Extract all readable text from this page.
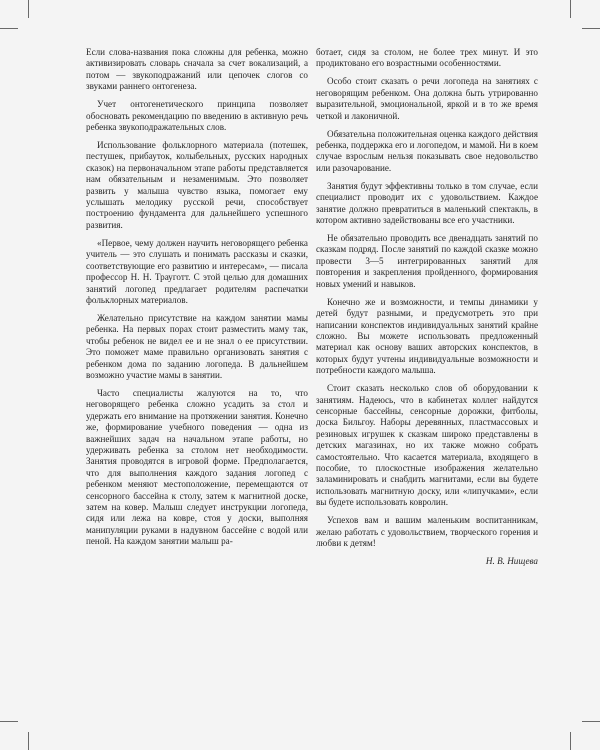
Если слова-названия пока сложны для ребенка, можно активизировать словарь сначала за счет вокализаций, а потом — звукоподражаний или цепочек слогов со звуками раннего онтогенеза.

Учет онтогенетического принципа позволяет обосновать рекомендацию по введению в активную речь ребенка звукоподражательных слов.

Использование фольклорного материала (потешек, пестушек, прибауток, колыбельных, русских народных сказок) на первоначальном этапе работы представляется нам обязательным и незаменимым. Это позволяет развить у малыша чувство языка, помогает ему услышать мелодику русской речи, способствует построению фундамента для дальнейшего успешного развития.

«Первое, чему должен научить неговорящего ребенка учитель — это слушать и понимать рассказы и сказки, соответствующие его развитию и интересам», — писала профессор Н. Н. Трауготт. С этой целью для домашних занятий логопед предлагает родителям распечатки фольклорных материалов.

Желательно присутствие на каждом занятии мамы ребенка. На первых порах стоит разместить маму так, чтобы ребенок не видел ее и не знал о ее присутствии. Это поможет маме правильно организовать занятия с ребенком дома по заданию логопеда. В дальнейшем возможно участие мамы в занятии.

Часто специалисты жалуются на то, что неговорящего ребенка сложно усадить за стол и удержать его внимание на протяжении занятия. Конечно же, формирование учебного поведения — одна из важнейших задач на начальном этапе работы, но удерживать ребенка за столом нет необходимости. Занятия проводятся в игровой форме. Предполагается, что для выполнения каждого задания логопед с ребенком меняют местоположение, перемещаются от сенсорного бассейна к столу, затем к магнитной доске, затем на ковер. Малыш следует инструкции логопеда, сидя или лежа на ковре, стоя у доски, выполняя манипуляции руками в надувном бассейне с водой или пеной. На каждом занятии малыш ра-

ботает, сидя за столом, не более трех минут. И это продиктовано его возрастными особенностями.

Особо стоит сказать о речи логопеда на занятиях с неговорящим ребенком. Она должна быть утрированно выразительной, эмоциональной, яркой и в то же время четкой и лаконичной.

Обязательна положительная оценка каждого действия ребенка, поддержка его и логопедом, и мамой. Ни в коем случае взрослым нельзя показывать свое недовольство или разочарование.

Занятия будут эффективны только в том случае, если специалист проводит их с удовольствием. Каждое занятие должно превратиться в маленький спектакль, в котором активно задействованы все его участники.

Не обязательно проводить все двенадцать занятий по сказкам подряд. После занятий по каждой сказке можно провести 3—5 интегрированных занятий для повторения и закрепления пройденного, формирования новых умений и навыков.

Конечно же и возможности, и темпы динамики у детей будут разными, и предусмотреть это при написании конспектов индивидуальных занятий крайне сложно. Вы можете использовать предложенный материал как основу ваших авторских конспектов, в которых будут учтены индивидуальные возможности и потребности каждого малыша.

Стоит сказать несколько слов об оборудовании к занятиям. Надеюсь, что в кабинетах коллег найдутся сенсорные бассейны, сенсорные дорожки, фитболы, доска Бильгоу. Наборы деревянных, пластмассовых и резиновых игрушек к сказкам широко представлены в детских магазинах, но их также можно собрать самостоятельно. Что касается материала, входящего в пособие, то плоскостные изображения желательно заламинировать и снабдить магнитами, если вы будете использовать магнитную доску, или «липучками», если вы будете использовать ковролин.

Успехов вам и вашим маленьким воспитанникам, желаю работать с удовольствием, творческого горения и любви к детям!

Н. В. Нищева
